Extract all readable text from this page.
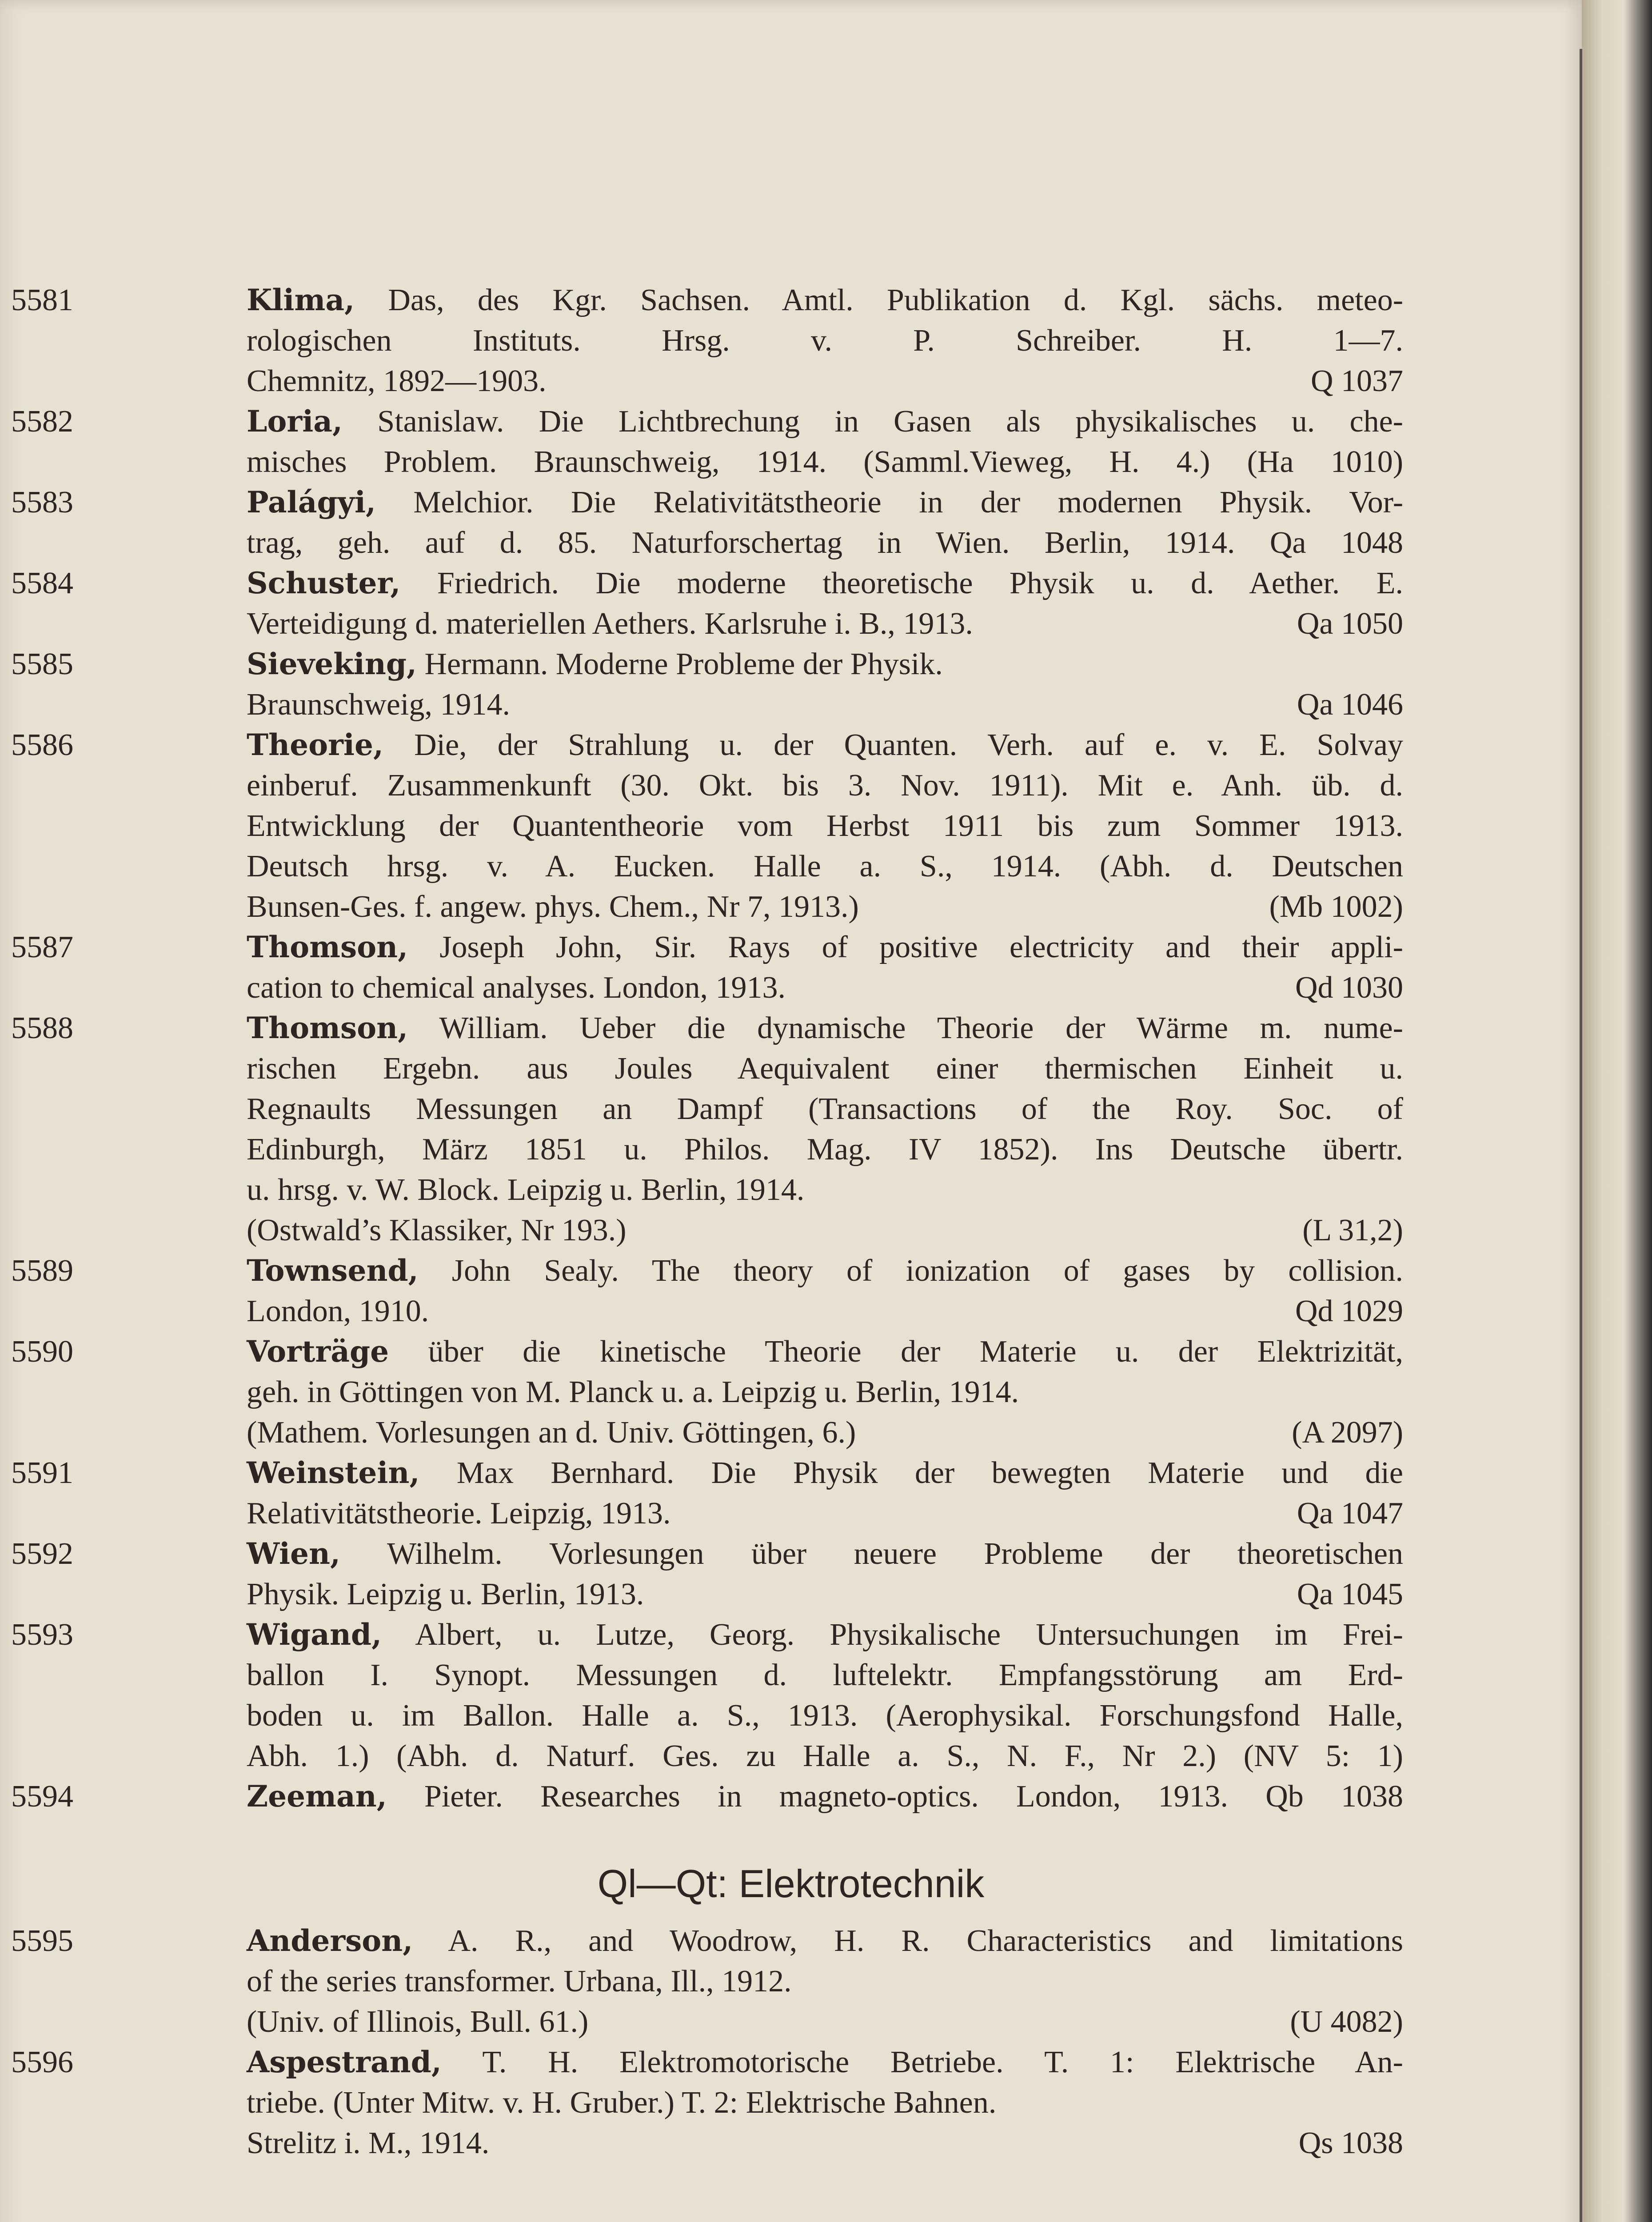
5581	Klima, Das, des Kgr. Sachsen. Amtl. Publikation d. Kgl. sächs. meteo-
rologischen Instituts. Hrsg. v. P. Schreiber. H. 1—7.
Chemnitz, 1892—1903.	Q 1037
5582	Loria, Stanislaw. Die Lichtbrechung in Gasen als physikalisches u. che-
misches Problem. Braunschweig, 1914. (Samml.Vieweg, H. 4.) (Ha 1010)
5583	Palágyi, Melchior. Die Relativitätstheorie in der modernen Physik. Vor-
trag, geh. auf d. 85. Naturforschertag in Wien. Berlin, 1914. Qa 1048
5584	Schuster, Friedrich. Die moderne theoretische Physik u. d. Aether. E.
Verteidigung d. materiellen Aethers. Karlsruhe i. B., 1913.	Qa 1050
5585	Sieveking, Hermann. Moderne Probleme der Physik.
Braunschweig, 1914.	Qa 1046
5586	Theorie, Die, der Strahlung u. der Quanten. Verh. auf e. v. E. Solvay
einberuf. Zusammenkunft (30. Okt. bis 3. Nov. 1911). Mit e. Anh. üb. d.
Entwicklung der Quantentheorie vom Herbst 1911 bis zum Sommer 1913.
Deutsch hrsg. v. A. Eucken. Halle a. S., 1914. (Abh. d. Deutschen
Bunsen-Ges. f. angew. phys. Chem., Nr 7, 1913.)	(Mb 1002)
5587	Thomson, Joseph John, Sir. Rays of positive electricity and their appli-
cation to chemical analyses. London, 1913.	Qd 1030
5588	Thomson, William. Ueber die dynamische Theorie der Wärme m. nume-
rischen Ergebn. aus Joules Aequivalent einer thermischen Einheit u.
Regnaults Messungen an Dampf (Transactions of the Roy. Soc. of
Edinburgh, März 1851 u. Philos. Mag. IV 1852). Ins Deutsche übertr.
u. hrsg. v. W. Block. Leipzig u. Berlin, 1914.
(Ostwald’s Klassiker, Nr 193.)	(L 31,2)
5589	Townsend, John Sealy. The theory of ionization of gases by collision.
London, 1910.	Qd 1029
5590	Vorträge über die kinetische Theorie der Materie u. der Elektrizität,
geh. in Göttingen von M. Planck u. a. Leipzig u. Berlin, 1914.
(Mathem. Vorlesungen an d. Univ. Göttingen, 6.)	(A 2097)
5591	Weinstein, Max Bernhard. Die Physik der bewegten Materie und die
Relativitätstheorie. Leipzig, 1913.	Qa 1047
5592	Wien, Wilhelm. Vorlesungen über neuere Probleme der theoretischen
Physik. Leipzig u. Berlin, 1913.	Qa 1045
5593	Wigand, Albert, u. Lutze, Georg. Physikalische Untersuchungen im Frei-
ballon I. Synopt. Messungen d. luftelektr. Empfangsstörung am Erd-
boden u. im Ballon. Halle a. S., 1913. (Aerophysikal. Forschungsfond Halle,
Abh. 1.) (Abh. d. Naturf. Ges. zu Halle a. S., N. F., Nr 2.) (NV 5: 1)
5594	Zeeman, Pieter. Researches in magneto-optics. London, 1913. Qb 1038
Ql—Qt: Elektrotechnik
5595	Anderson, A. R., and Woodrow, H. R. Characteristics and limitations
of the series transformer. Urbana, Ill., 1912.
(Univ. of Illinois, Bull. 61.)	(U 4082)
5596	Aspestrand, T. H. Elektromotorische Betriebe. T. 1: Elektrische An-
triebe. (Unter Mitw. v. H. Gruber.) T. 2: Elektrische Bahnen.
Strelitz i. M., 1914.	Qs 1038
